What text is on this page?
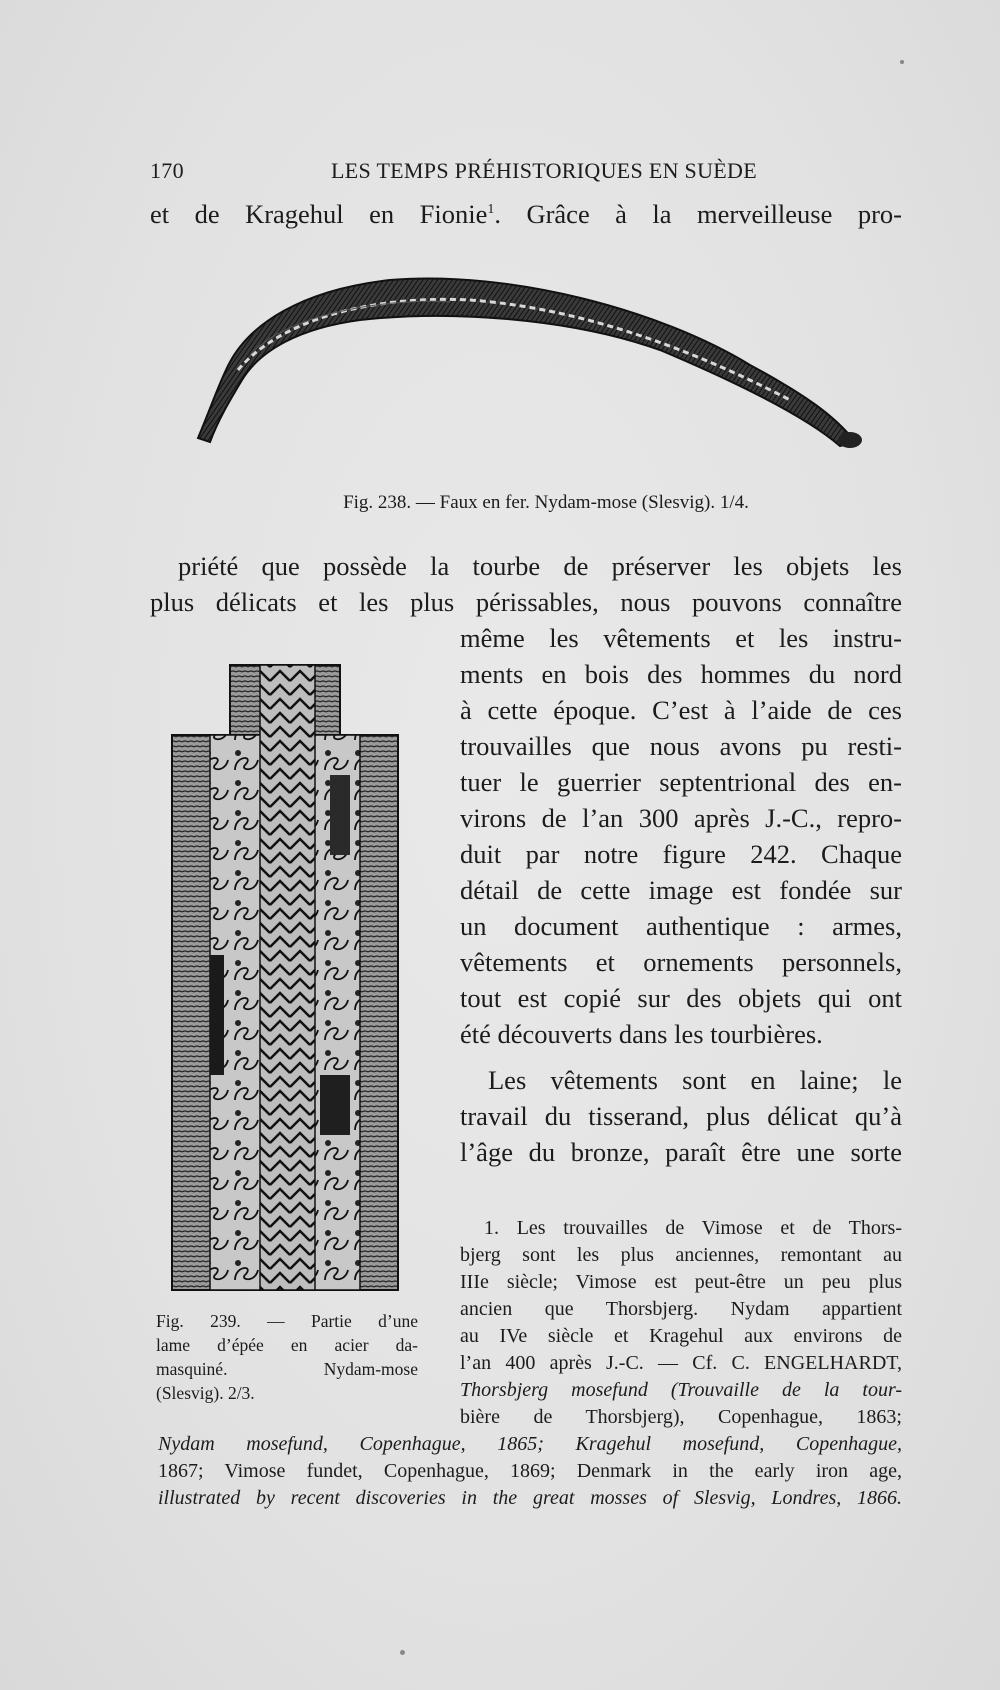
170	LES TEMPS PRÉHISTORIQUES EN SUÈDE
et de Kragehul en Fionie$^1$. Grâce à la merveilleuse pro-
Fig. 238. — Faux en fer. Nydam-mose (Slesvig). 1/4.
priété que possède la tourbe de préserver les objets les
plus délicats et les plus périssables, nous pouvons connaître
même les vêtements et les instru-
ments en bois des hommes du nord
à cette époque. C’est à l’aide de ces
trouvailles que nous avons pu resti-
tuer le guerrier septentrional des en-
virons de l’an 300 après J.-C., repro-
duit par notre figure 242. Chaque
détail de cette image est fondée sur
un document authentique : armes,
vêtements et ornements personnels,
tout est copié sur des objets qui ont
été découverts dans les tourbières.
Les vêtements sont en laine; le
travail du tisserand, plus délicat qu’à
l’âge du bronze, paraît être une sorte
Fig. 239. — Partie d’une
lame d’épée en acier da-
masquiné. Nydam-mose
(Slesvig). 2/3.
1. Les trouvailles de Vimose et de Thors-
bjerg sont les plus anciennes, remontant au
IIIe siècle; Vimose est peut-être un peu plus
ancien que Thorsbjerg. Nydam appartient
au IVe siècle et Kragehul aux environs de
l’an 400 après J.-C. — Cf. C. ENGELHARDT,
Thorsbjerg mosefund (Trouvaille de la tour-
bière de Thorsbjerg), Copenhague, 1863;
Nydam mosefund, Copenhague, 1865; Kragehul mosefund, Copenhague,
1867; Vimose fundet, Copenhague, 1869; Denmark in the early iron age,
illustrated by recent discoveries in the great mosses of Slesvig, Londres, 1866.
